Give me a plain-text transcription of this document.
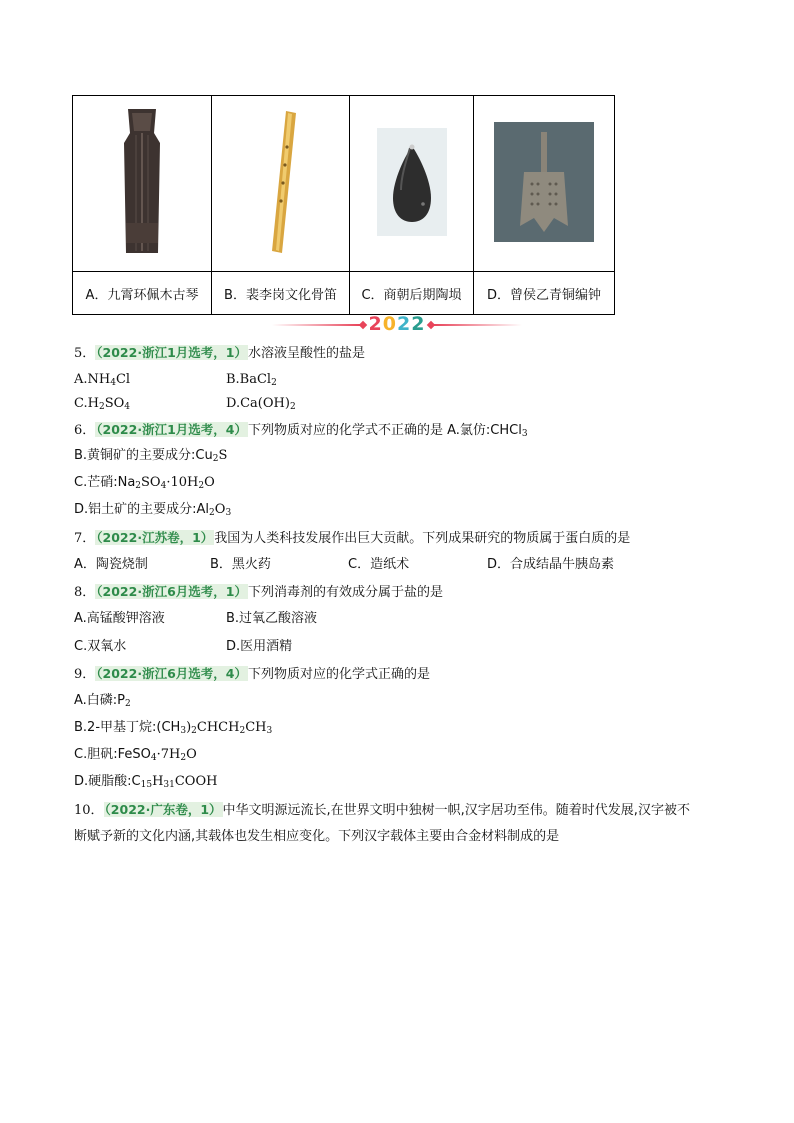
A．九霄环佩木古琴	B．裴李岗文化骨笛	C．商朝后期陶埙	D．曾侯乙青铜编钟
2022
5．（2022·浙江1月选考，1）水溶液呈酸性的盐是
$A.NH_4Cl$	B.BaCl$_2$
$C.H_2SO_4$	$D.Ca(OH)_2$
6．（2022·浙江1月选考，4）下列物质对应的化学式不正确的是 A.氯仿:CHCl$_3$
B.黄铜矿的主要成分$:Cu_2S$
C.芒硝$:Na_2SO_4\cdot 10H_2O$
D.铝土矿的主要成分$:Al_2O_3$
7．（2022·江苏卷，1）我国为人类科技发展作出巨大贡献。下列成果研究的物质属于蛋白质的是
A．陶瓷烧制	B．黑火药	C．造纸术	D．合成结晶牛胰岛素
8．（2022·浙江6月选考，1）下列消毒剂的有效成分属于盐的是
A.高锰酸钾溶液	B.过氧乙酸溶液
C.双氧水	D.医用酒精
9．（2022·浙江6月选考，4）下列物质对应的化学式正确的是
A.白磷$:P_2$
B.2-甲基丁烷$:(CH_3)_2CHCH_2CH_3$
C.胆矾$:FeSO_4\cdot 7H_2O$
D.硬脂酸$:C_{15}H_{31}COOH$
10．（2022·广东卷，1）中华文明源远流长,在世界文明中独树一帜,汉字居功至伟。随着时代发展,汉字被不
断赋予新的文化内涵,其载体也发生相应变化。下列汉字载体主要由合金材料制成的是
